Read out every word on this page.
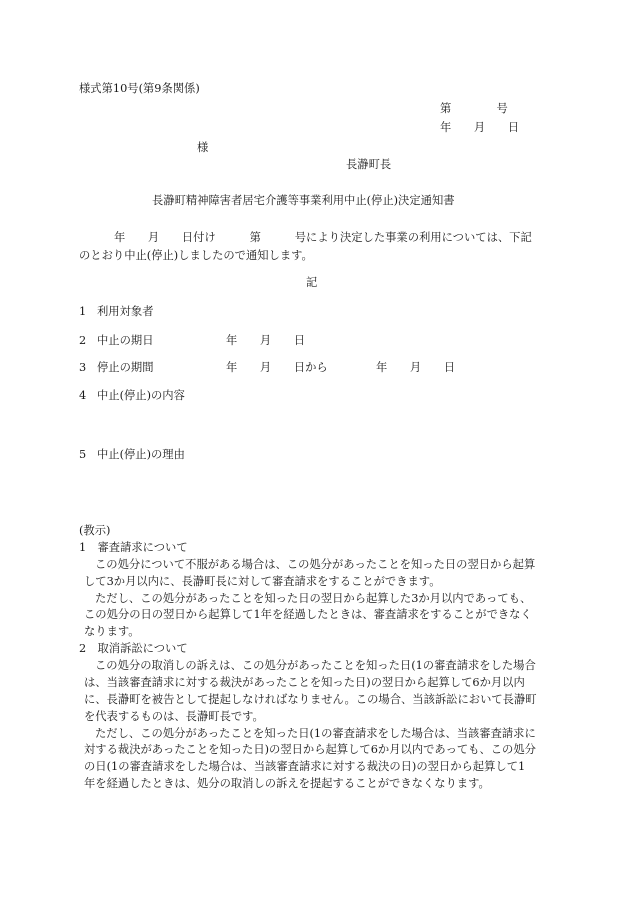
様式第10号(第9条関係)
第　　　　号
年　　月　　日
様
長瀞町長
長瀞町精神障害者居宅介護等事業利用中止(停止)決定通知書
年　　月　　日付け　　　第　　　号により決定した事業の利用については、下記
のとおり中止(停止)しましたので通知します。
記
1 利用対象者
2 中止の期日	年　　月　　日
3 停止の期間	年　　月　　日から	年　　月　　日
4 中止(停止)の内容
5 中止(停止)の理由
(教示)
1　審査請求について
この処分について不服がある場合は、この処分があったことを知った日の翌日から起算
して3か月以内に、長瀞町長に対して審査請求をすることができます。
ただし、この処分があったことを知った日の翌日から起算した3か月以内であっても、
この処分の日の翌日から起算して1年を経過したときは、審査請求をすることができなく
なります。
2　取消訴訟について
この処分の取消しの訴えは、この処分があったことを知った日(1の審査請求をした場合
は、当該審査請求に対する裁決があったことを知った日)の翌日から起算して6か月以内
に、長瀞町を被告として提起しなければなりません。この場合、当該訴訟において長瀞町
を代表するものは、長瀞町長です。
ただし、この処分があったことを知った日(1の審査請求をした場合は、当該審査請求に
対する裁決があったことを知った日)の翌日から起算して6か月以内であっても、この処分
の日(1の審査請求をした場合は、当該審査請求に対する裁決の日)の翌日から起算して1
年を経過したときは、処分の取消しの訴えを提起することができなくなります。
